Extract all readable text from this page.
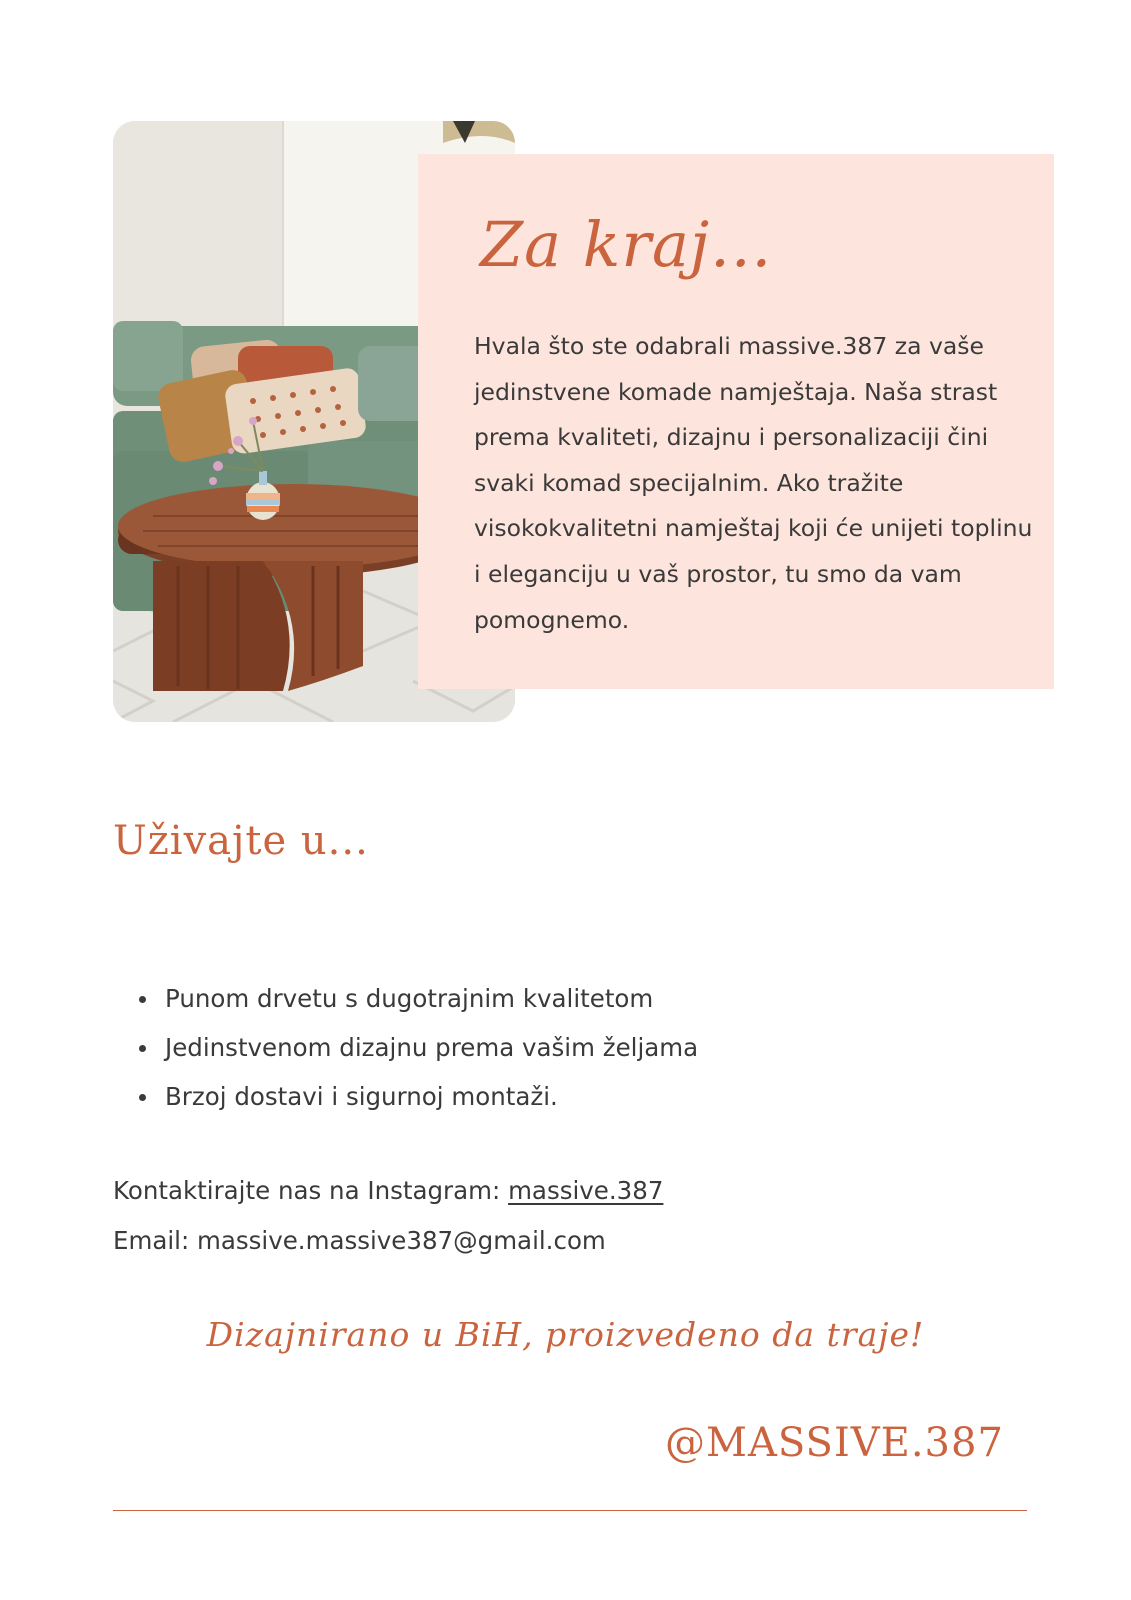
Za kraj...
Hvala što ste odabrali massive.387 za vaše jedinstvene komade namještaja. Naša strast prema kvaliteti, dizajnu i personalizaciji čini svaki komad specijalnim. Ako tražite visokokvalitetni namještaj koji će unijeti toplinu i eleganciju u vaš prostor, tu smo da vam pomognemo.
Uživajte u...
Punom drvetu s dugotrajnim kvalitetom
Jedinstvenom dizajnu prema vašim željama
Brzoj dostavi i sigurnoj montaži.
Kontaktirajte nas na Instagram: massive.387
Email: massive.massive387@gmail.com
Dizajnirano u BiH, proizvedeno da traje!
@MASSIVE.387
